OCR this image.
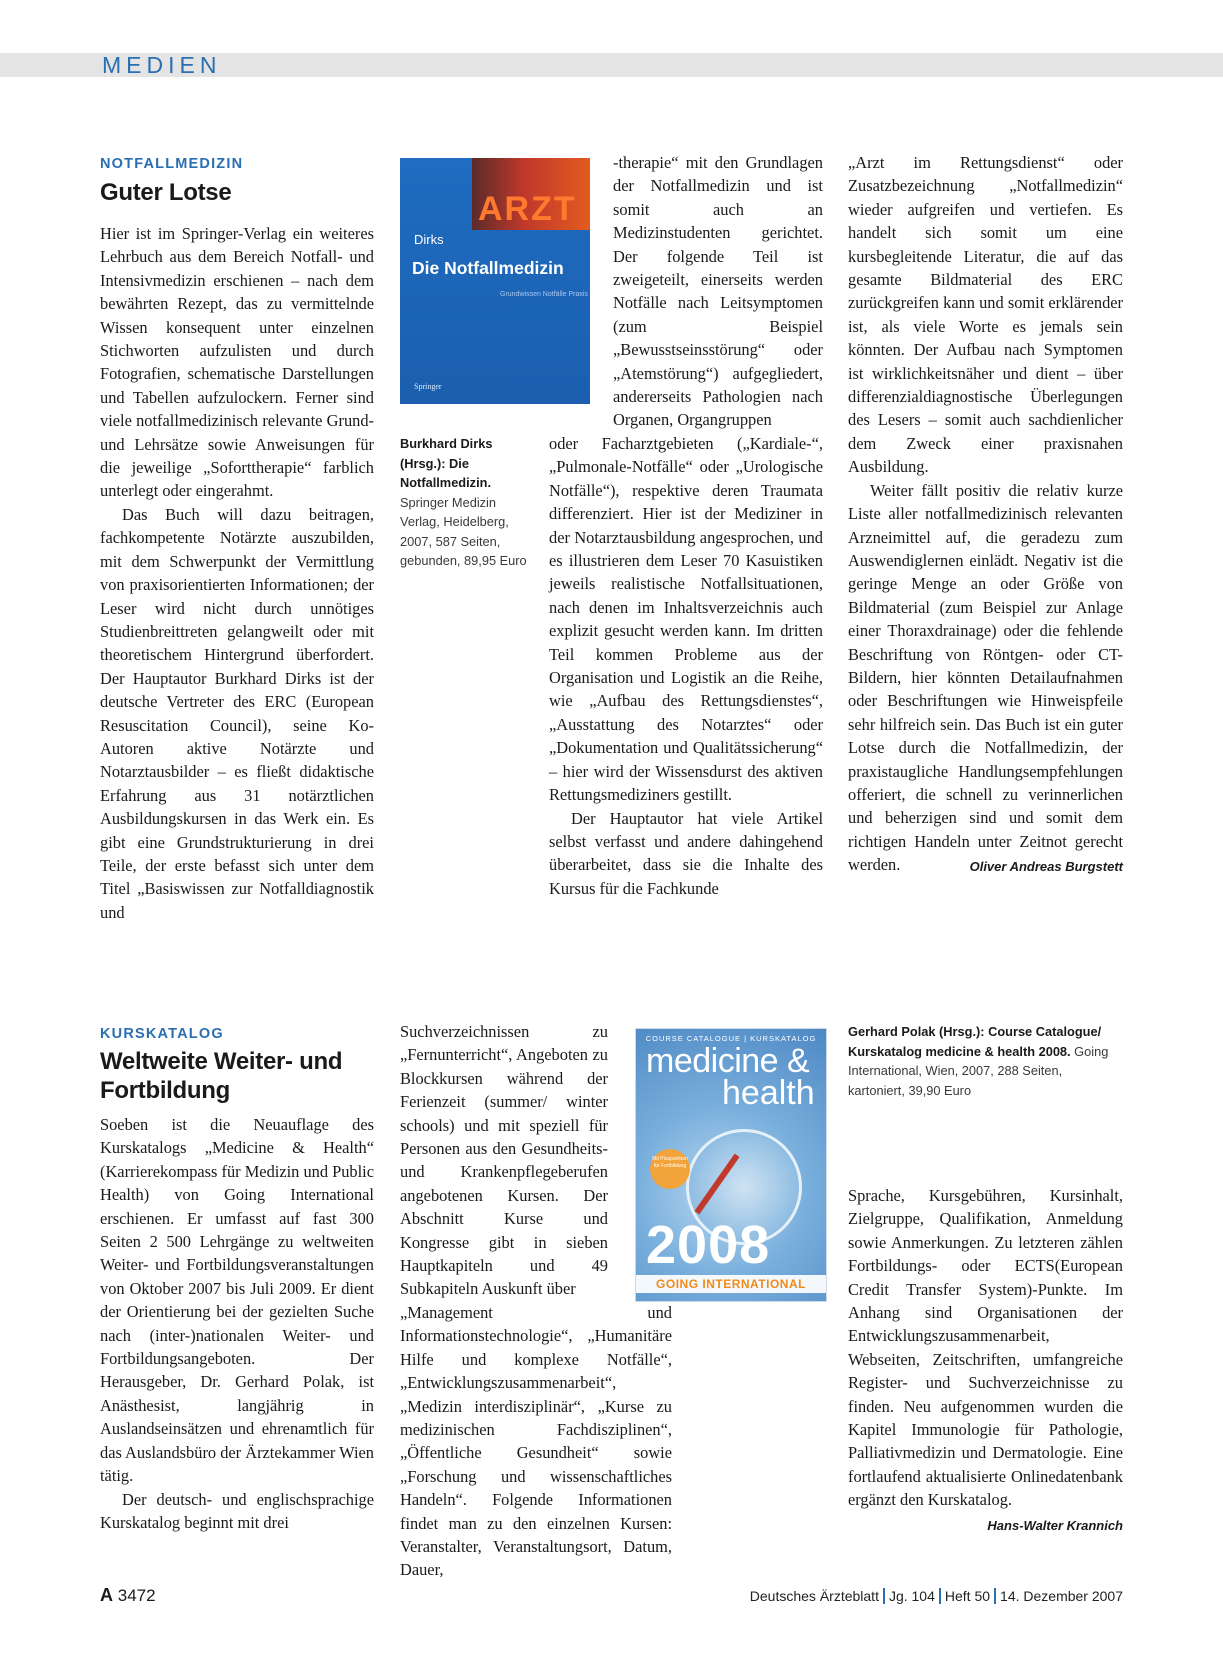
MEDIEN
NOTFALLMEDIZIN
Guter Lotse

Hier ist im Springer-Verlag ein weiteres Lehrbuch aus dem Bereich Notfall- und Intensivmedizin erschienen – nach dem bewährten Rezept, das zu vermittelnde Wissen konsequent unter einzelnen Stichworten aufzulisten und durch Fotografien, schematische Darstellungen und Tabellen aufzulockern. Ferner sind viele notfallmedizinisch relevante Grund- und Lehrsätze sowie Anweisungen für die jeweilige „Soforttherapie“ farblich unterlegt oder eingerahmt.

Das Buch will dazu beitragen, fachkompetente Notärzte auszubilden, mit dem Schwerpunkt der Vermittlung von praxisorientierten Informationen; der Leser wird nicht durch unnötiges Studienbreittreten gelangweilt oder mit theoretischem Hintergrund überfordert. Der Hauptautor Burkhard Dirks ist der deutsche Vertreter des ERC (European Resuscitation Council), seine Ko-Autoren aktive Notärzte und Notarztausbilder – es fließt didaktische Erfahrung aus 31 notärztlichen Ausbildungskursen in das Werk ein. Es gibt eine Grundstrukturierung in drei Teile, der erste befasst sich unter dem Titel „Basiswissen zur Notfalldiagnostik und

ARZT
Dirks
Die Notfallmedizin
Grundwissen Notfälle Praxis
Springer
Burkhard Dirks (Hrsg.): Die Notfallmedizin. Springer Medizin Verlag, Heidelberg, 2007, 587 Seiten, gebunden, 89,95 Euro

-therapie“ mit den Grundlagen der Notfallmedizin und ist somit auch an Medizinstudenten gerichtet. Der folgende Teil ist zweigeteilt, einerseits werden Notfälle nach Leitsymptomen (zum Beispiel „Bewusstseinsstörung“ oder „Atemstörung“) aufgegliedert, andererseits Pathologien nach Organen, Organgruppen

oder Facharztgebieten („Kardiale-“, „Pulmonale-Notfälle“ oder „Urologische Notfälle“), respektive deren Traumata differenziert. Hier ist der Mediziner in der Notarztausbildung angesprochen, und es illustrieren dem Leser 70 Kasuistiken jeweils realistische Notfallsituationen, nach denen im Inhaltsverzeichnis auch explizit gesucht werden kann. Im dritten Teil kommen Probleme aus der Organisation und Logistik an die Reihe, wie „Aufbau des Rettungsdienstes“, „Ausstattung des Notarztes“ oder „Dokumentation und Qualitätssicherung“ – hier wird der Wissensdurst des aktiven Rettungsmediziners gestillt.

Der Hauptautor hat viele Artikel selbst verfasst und andere dahingehend überarbeitet, dass sie die Inhalte des Kursus für die Fachkunde

„Arzt im Rettungsdienst“ oder Zusatzbezeichnung „Notfallmedizin“ wieder aufgreifen und vertiefen. Es handelt sich somit um eine kursbegleitende Literatur, die auf das gesamte Bildmaterial des ERC zurückgreifen kann und somit erklärender ist, als viele Worte es jemals sein könnten. Der Aufbau nach Symptomen ist wirklichkeitsnäher und dient – über differenzialdiagnostische Überlegungen des Lesers – somit auch sachdienlicher dem Zweck einer praxisnahen Ausbildung.

Weiter fällt positiv die relativ kurze Liste aller notfallmedizinisch relevanten Arzneimittel auf, die geradezu zum Auswendiglernen einlädt. Negativ ist die geringe Menge an oder Größe von Bildmaterial (zum Beispiel zur Anlage einer Thoraxdrainage) oder die fehlende Beschriftung von Röntgen- oder CT-Bildern, hier könnten Detailaufnahmen oder Beschriftungen wie Hinweispfeile sehr hilfreich sein. Das Buch ist ein guter Lotse durch die Notfallmedizin, der praxistaugliche Handlungsempfehlungen offeriert, die schnell zu verinnerlichen und beherzigen sind und somit dem richtigen Handeln unter Zeitnot gerecht werden.	Oliver Andreas Burgstett

KURSKATALOG
Weltweite Weiter- und Fortbildung

Soeben ist die Neuauflage des Kurskatalogs „Medicine & Health“ (Karrierekompass für Medizin und Public Health) von Going International erschienen. Er umfasst auf fast 300 Seiten 2 500 Lehrgänge zu weltweiten Weiter- und Fortbildungsveranstaltungen von Oktober 2007 bis Juli 2009. Er dient der Orientierung bei der gezielten Suche nach (inter-)nationalen Weiter- und Fortbildungsangeboten. Der Herausgeber, Dr. Gerhard Polak, ist Anästhesist, langjährig in Auslandseinsätzen und ehrenamtlich für das Auslandsbüro der Ärztekammer Wien tätig.

Der deutsch- und englischsprachige Kurskatalog beginnt mit drei

Suchverzeichnissen zu „Fernunterricht“, Angeboten zu Blockkursen während der Ferienzeit (summer/ winter schools) und mit speziell für Personen aus den Gesundheits- und Krankenpflegeberufen angebotenen Kursen. Der Abschnitt Kurse und Kongresse gibt in sieben Hauptkapiteln und 49 Subkapiteln Auskunft über

„Management und Informationstechnologie“, „Humanitäre Hilfe und komplexe Notfälle“, „Entwicklungszusammenarbeit“, „Medizin interdisziplinär“, „Kurse zu medizinischen Fachdisziplinen“, „Öffentliche Gesundheit“ sowie „Forschung und wissenschaftliches Handeln“. Folgende Informationen findet man zu den einzelnen Kursen: Veranstalter, Veranstaltungsort, Datum, Dauer,

COURSE CATALOGUE | KURSKATALOG
medicine &
health
Mit Pluspunkten für Fortbildung
2008
GOING INTERNATIONAL
Gerhard Polak (Hrsg.): Course Catalogue/ Kurskatalog medicine & health 2008. Going International, Wien, 2007, 288 Seiten, kartoniert, 39,90 Euro

Sprache, Kursgebühren, Kursinhalt, Zielgruppe, Qualifikation, Anmeldung sowie Anmerkungen. Zu letzteren zählen Fortbildungs- oder ECTS(European Credit Transfer System)-Punkte. Im Anhang sind Organisationen der Entwicklungszusammenarbeit, Webseiten, Zeitschriften, umfangreiche Register- und Suchverzeichnisse zu finden. Neu aufgenommen wurden die Kapitel Immunologie für Pathologie, Palliativmedizin und Dermatologie. Eine fortlaufend aktualisierte Onlinedatenbank ergänzt den Kurskatalog.
Hans-Walter Krannich

A 3472	Deutsches Ärzteblatt Jg. 104 Heft 50 14. Dezember 2007
